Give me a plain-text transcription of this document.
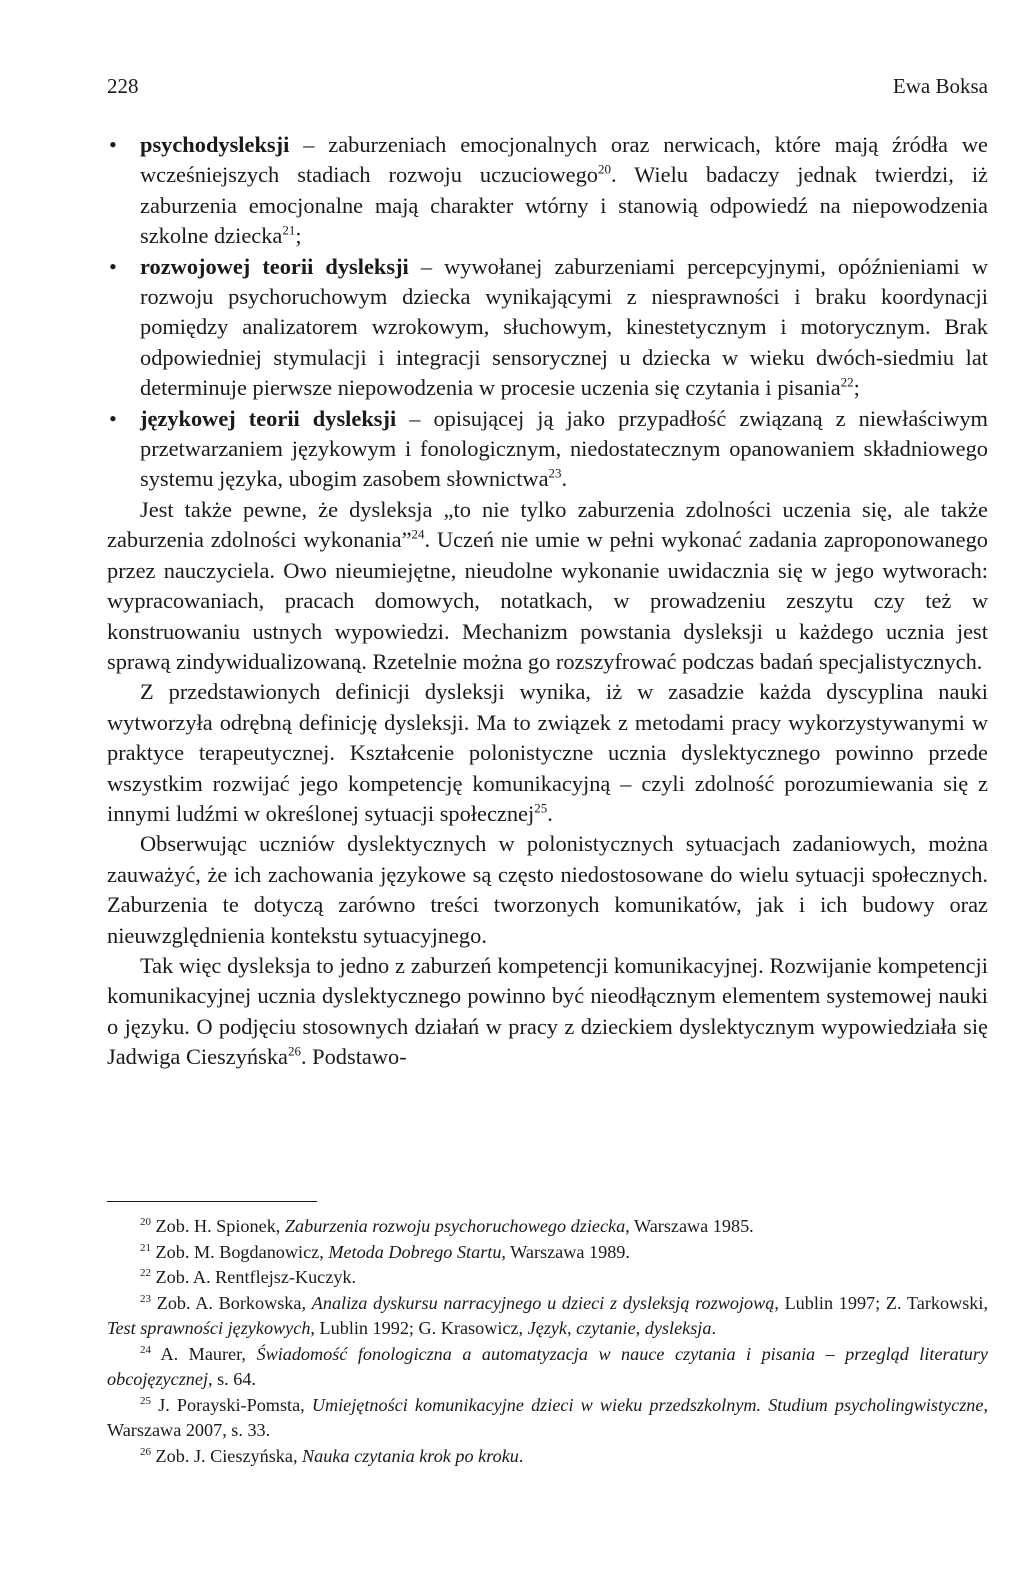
228	Ewa Boksa
• psychodysleksji – zaburzeniach emocjonalnych oraz nerwicach, które mają źródła we wcześniejszych stadiach rozwoju uczuciowego$^{20}$. Wielu badaczy jednak twierdzi, iż zaburzenia emocjonalne mają charakter wtórny i stanowią odpowiedź na niepowodzenia szkolne dziecka$^{21}$;
• rozwojowej teorii dysleksji – wywołanej zaburzeniami percepcyjnymi, opóźnieniami w rozwoju psychoruchowym dziecka wynikającymi z niesprawności i braku koordynacji pomiędzy analizatorem wzrokowym, słuchowym, kinestetycznym i motorycznym. Brak odpowiedniej stymulacji i integracji sensorycznej u dziecka w wieku dwóch-siedmiu lat determinuje pierwsze niepowodzenia w procesie uczenia się czytania i pisania$^{22}$;
• językowej teorii dysleksji – opisującej ją jako przypadłość związaną z niewłaściwym przetwarzaniem językowym i fonologicznym, niedostatecznym opanowaniem składniowego systemu języka, ubogim zasobem słownictwa$^{23}$.

Jest także pewne, że dysleksja „to nie tylko zaburzenia zdolności uczenia się, ale także zaburzenia zdolności wykonania”$^{24}$. Uczeń nie umie w pełni wykonać zadania zaproponowanego przez nauczyciela. Owo nieumiejętne, nieudolne wykonanie uwidacznia się w jego wytworach: wypracowaniach, pracach domowych, notatkach, w prowadzeniu zeszytu czy też w konstruowaniu ustnych wypowiedzi. Mechanizm powstania dysleksji u każdego ucznia jest sprawą zindywidualizowaną. Rzetelnie można go rozszyfrować podczas badań specjalistycznych.

Z przedstawionych definicji dysleksji wynika, iż w zasadzie każda dyscyplina nauki wytworzyła odrębną definicję dysleksji. Ma to związek z metodami pracy wykorzystywanymi w praktyce terapeutycznej. Kształcenie polonistyczne ucznia dyslektycznego powinno przede wszystkim rozwijać jego kompetencję komunikacyjną – czyli zdolność porozumiewania się z innymi ludźmi w określonej sytuacji społecznej$^{25}$.

Obserwując uczniów dyslektycznych w polonistycznych sytuacjach zadaniowych, można zauważyć, że ich zachowania językowe są często niedostosowane do wielu sytuacji społecznych. Zaburzenia te dotyczą zarówno treści tworzonych komunikatów, jak i ich budowy oraz nieuwzględnienia kontekstu sytuacyjnego.

Tak więc dysleksja to jedno z zaburzeń kompetencji komunikacyjnej. Rozwijanie kompetencji komunikacyjnej ucznia dyslektycznego powinno być nieodłącznym elementem systemowej nauki o języku. O podjęciu stosownych działań w pracy z dzieckiem dyslektycznym wypowiedziała się Jadwiga Cieszyńska$^{26}$. Podstawo-

$^{20}$ Zob. H. Spionek, Zaburzenia rozwoju psychoruchowego dziecka, Warszawa 1985.

$^{21}$ Zob. M. Bogdanowicz, Metoda Dobrego Startu, Warszawa 1989.

$^{22}$ Zob. A. Rentflejsz-Kuczyk.

$^{23}$ Zob. A. Borkowska, Analiza dyskursu narracyjnego u dzieci z dysleksją rozwojową, Lublin 1997; Z. Tarkowski, Test sprawności językowych, Lublin 1992; G. Krasowicz, Język, czytanie, dysleksja.

$^{24}$ A. Maurer, Świadomość fonologiczna a automatyzacja w nauce czytania i pisania – przegląd literatury obcojęzycznej, s. 64.

$^{25}$ J. Porayski-Pomsta, Umiejętności komunikacyjne dzieci w wieku przedszkolnym. Studium psycholingwistyczne, Warszawa 2007, s. 33.

$^{26}$ Zob. J. Cieszyńska, Nauka czytania krok po kroku.
